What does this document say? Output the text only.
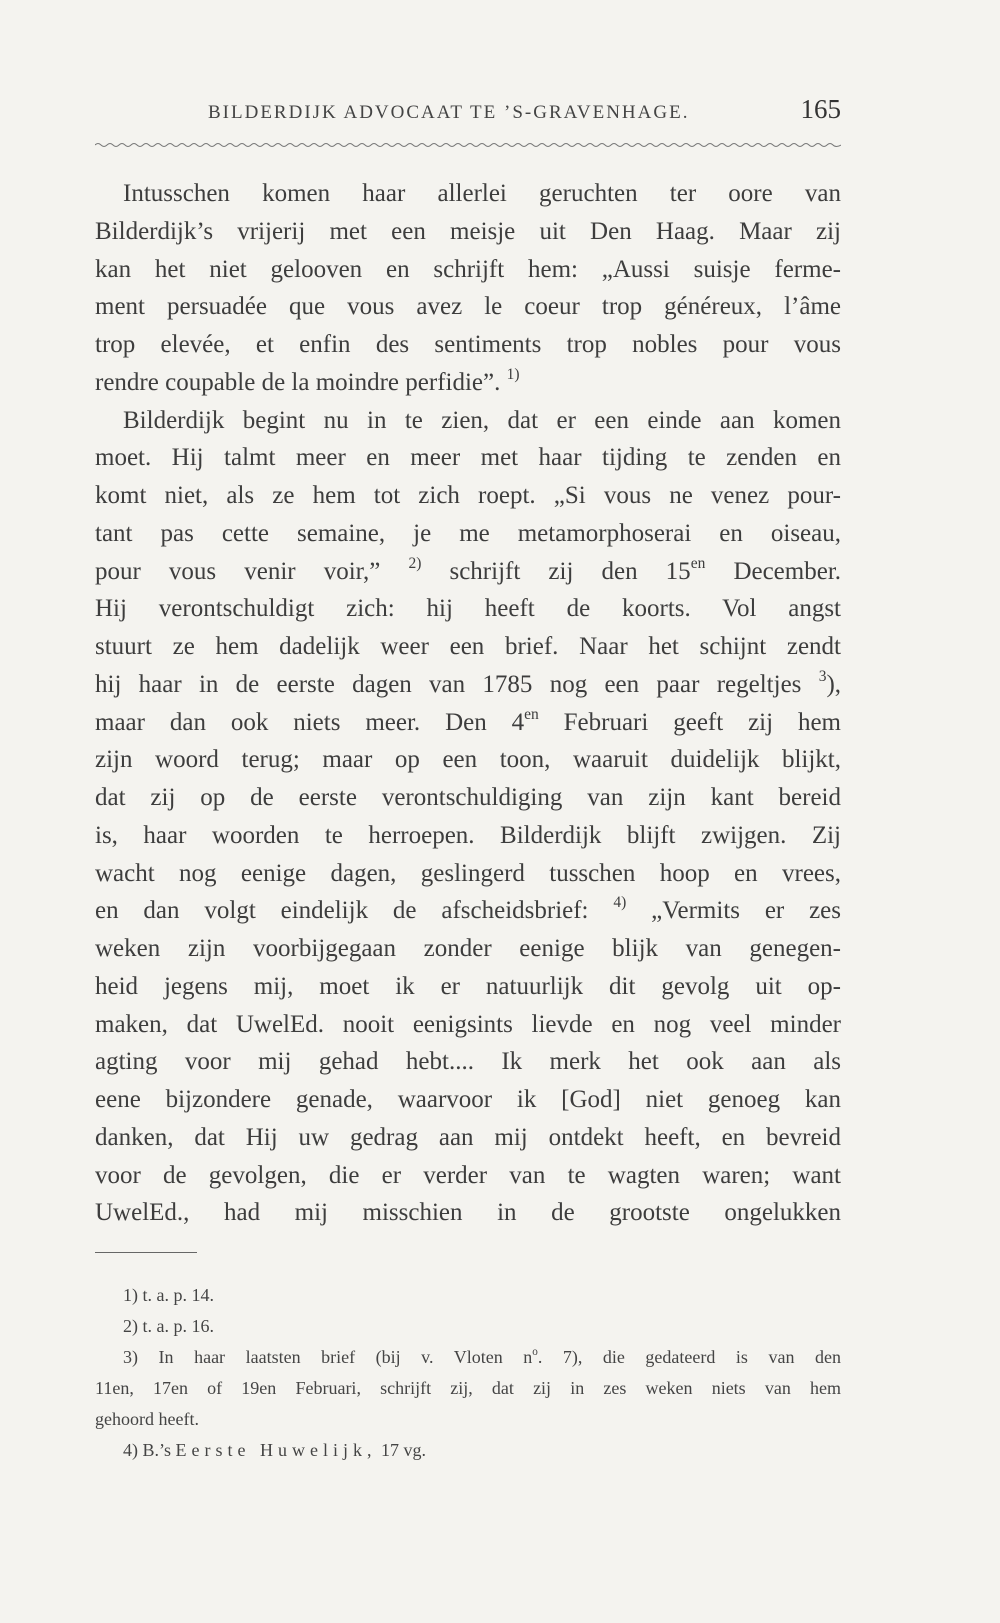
BILDERDIJK ADVOCAAT TE ’S-GRAVENHAGE.	165
Intusschen komen haar allerlei geruchten ter oore van
Bilderdijk’s vrijerij met een meisje uit Den Haag. Maar zij
kan het niet gelooven en schrijft hem: „Aussi suisje ferme-
ment persuadée que vous avez le coeur trop généreux, l’âme
trop elevée, et enfin des sentiments trop nobles pour vous
rendre coupable de la moindre perfidie”. $^{1)}$
Bilderdijk begint nu in te zien, dat er een einde aan komen
moet. Hij talmt meer en meer met haar tijding te zenden en
komt niet, als ze hem tot zich roept. „Si vous ne venez pour-
tant pas cette semaine, je me metamorphoserai en oiseau,
pour vous venir voir,” $^{2)}$ schrijft zij den $15^{en}$ December.
Hij verontschuldigt zich: hij heeft de koorts. Vol angst
stuurt ze hem dadelijk weer een brief. Naar het schijnt zendt
hij haar in de eerste dagen van 1785 nog een paar regeltjes $^3$),
maar dan ook niets meer. Den $4^{en}$ Februari geeft zij hem
zijn woord terug; maar op een toon, waaruit duidelijk blijkt,
dat zij op de eerste verontschuldiging van zijn kant bereid
is, haar woorden te herroepen. Bilderdijk blijft zwijgen. Zij
wacht nog eenige dagen, geslingerd tusschen hoop en vrees,
en dan volgt eindelijk de afscheidsbrief: $^{4)}$ „Vermits er zes
weken zijn voorbijgegaan zonder eenige blijk van genegen-
heid jegens mij, moet ik er natuurlijk dit gevolg uit op-
maken, dat UwelEd. nooit eenigsints lievde en nog veel minder
agting voor mij gehad hebt.... Ik merk het ook aan als
eene bijzondere genade, waarvoor ik [God] niet genoeg kan
danken, dat Hij uw gedrag aan mij ontdekt heeft, en bevreid
voor de gevolgen, die er verder van te wagten waren; want
UwelEd., had mij misschien in de grootste ongelukken
1) t. a. p. 14.
2) t. a. p. 16.
3) In haar laatsten brief (bij v. Vloten $n^o$. 7), die gedateerd is van den
11en, 17en of 19en Februari, schrijft zij, dat zij in zes weken niets van hem
gehoord heeft.
4) B.’s Eerste Huwelijk, 17 vg.
